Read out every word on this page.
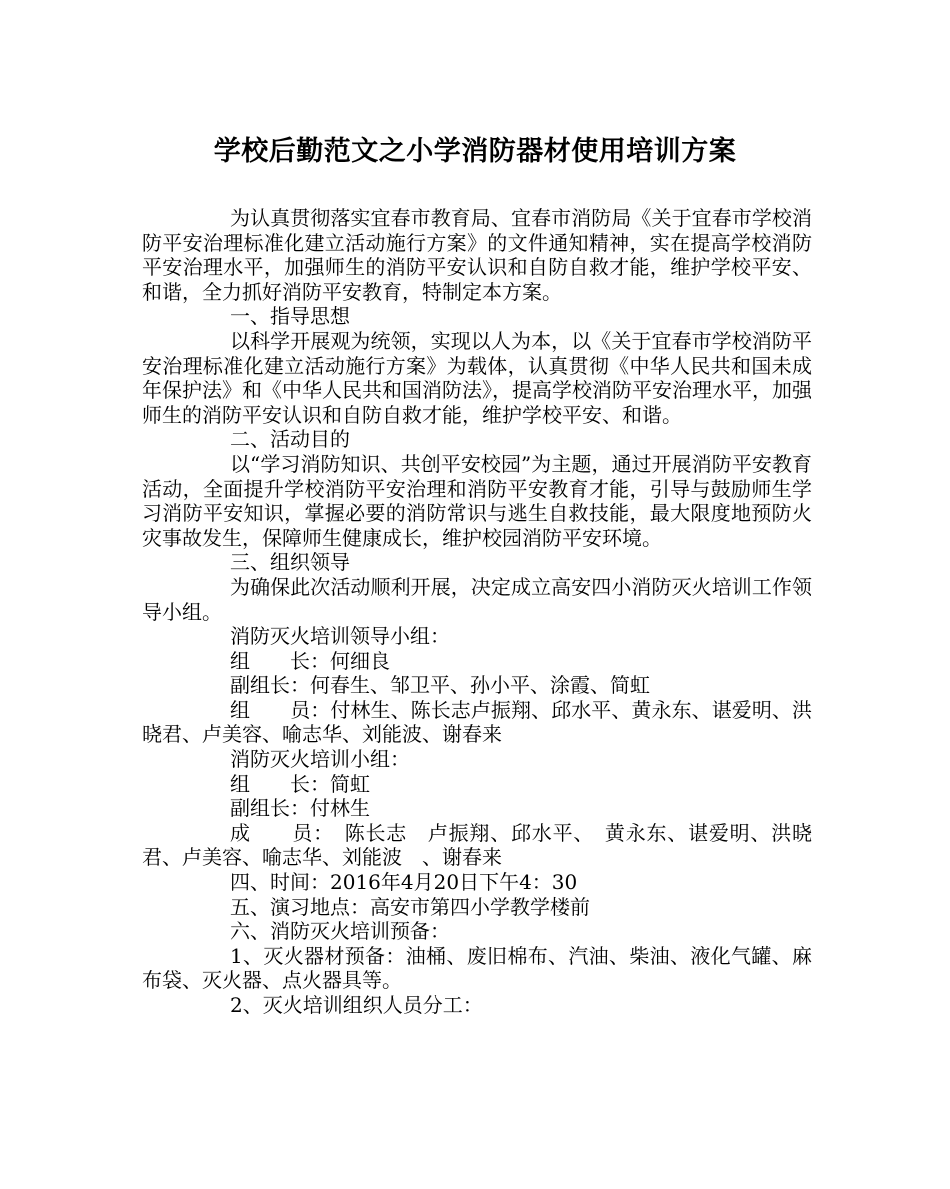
学校后勤范文之小学消防器材使用培训方案

为认真贯彻落实宜春市教育局、宜春市消防局《关于宜春市学校消防平安治理标准化建立活动施行方案》的文件通知精神，实在提高学校消防平安治理水平，加强师生的消防平安认识和自防自救才能，维护学校平安、和谐，全力抓好消防平安教育，特制定本方案。

一、指导思想

以科学开展观为统领，实现以人为本，以《关于宜春市学校消防平安治理标准化建立活动施行方案》为载体，认真贯彻《中华人民共和国未成年保护法》和《中华人民共和国消防法》，提高学校消防平安治理水平，加强师生的消防平安认识和自防自救才能，维护学校平安、和谐。

二、活动目的

以“学习消防知识、共创平安校园”为主题，通过开展消防平安教育活动，全面提升学校消防平安治理和消防平安教育才能，引导与鼓励师生学习消防平安知识，掌握必要的消防常识与逃生自救技能，最大限度地预防火灾事故发生，保障师生健康成长，维护校园消防平安环境。

三、组织领导

为确保此次活动顺利开展，决定成立高安四小消防灭火培训工作领导小组。

消防灭火培训领导小组：

组　　长：何细良

副组长：何春生、邹卫平、孙小平、涂霞、简虹

组　　员：付林生、陈长志卢振翔、邱水平、黄永东、谌爱明、洪晓君、卢美容、喻志华、刘能波、谢春来

消防灭火培训小组：

组　　长：简虹

副组长：付林生

成　　员：　陈长志　卢振翔、邱水平、　黄永东、谌爱明、洪晓君、卢美容、喻志华、刘能波　、谢春来

四、时间：2016年4月20日下午4：30

五、演习地点：高安市第四小学教学楼前

六、消防灭火培训预备：

1、灭火器材预备：油桶、废旧棉布、汽油、柴油、液化气罐、麻布袋、灭火器、点火器具等。

2、灭火培训组织人员分工：
